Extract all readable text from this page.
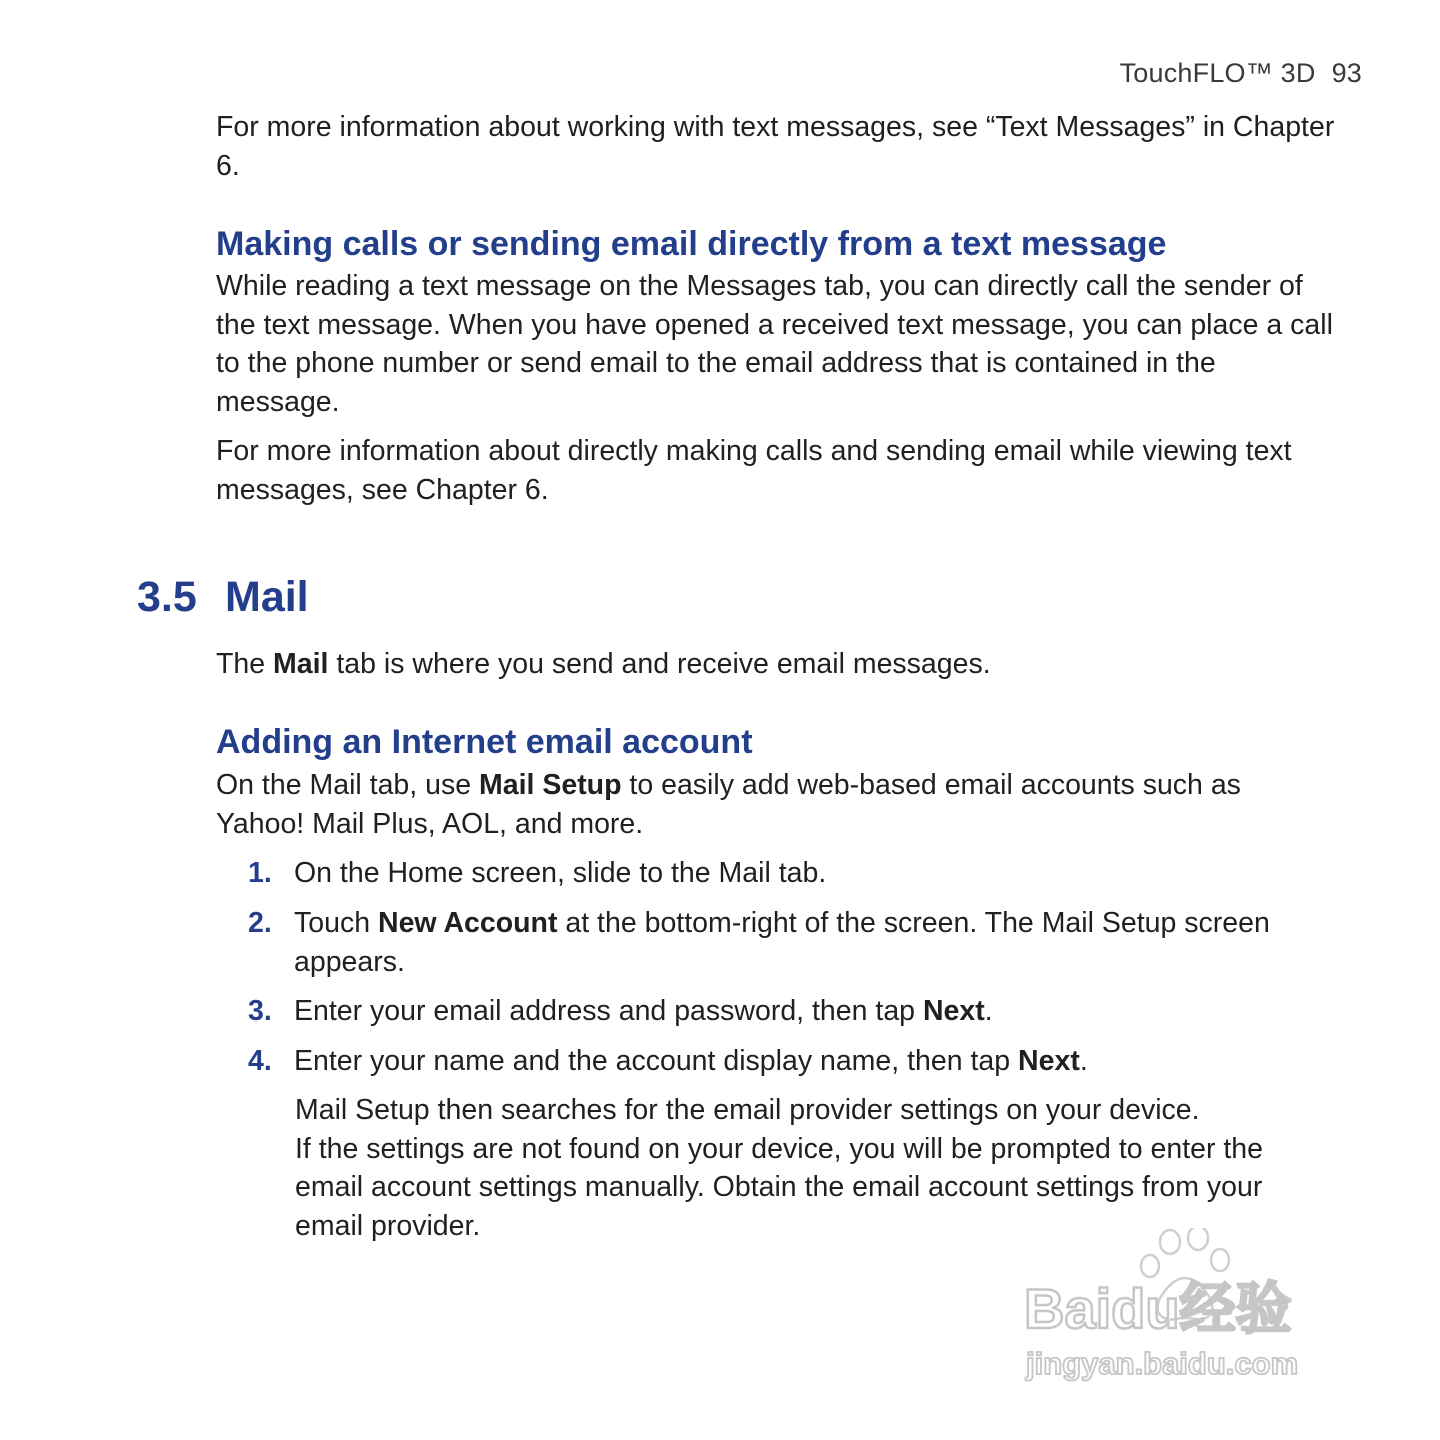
TouchFLO™ 3D 93

For more information about working with text messages, see “Text Messages” in Chapter 6.

Making calls or sending email directly from a text message

While reading a text message on the Messages tab, you can directly call the sender of the text message. When you have opened a received text message, you can place a call to the phone number or send email to the email address that is contained in the message.

For more information about directly making calls and sending email while viewing text messages, see Chapter 6.

3.5 Mail

The Mail tab is where you send and receive email messages.

Adding an Internet email account

On the Mail tab, use Mail Setup to easily add web-based email accounts such as Yahoo! Mail Plus, AOL, and more.

1. On the Home screen, slide to the Mail tab.
2. Touch New Account at the bottom-right of the screen. The Mail Setup screen appears.
3. Enter your email address and password, then tap Next.
4. Enter your name and the account display name, then tap Next.

Mail Setup then searches for the email provider settings on your device.
If the settings are not found on your device, you will be prompted to enter the email account settings manually. Obtain the email account settings from your email provider.

Baidu经验
jingyan.baidu.com
